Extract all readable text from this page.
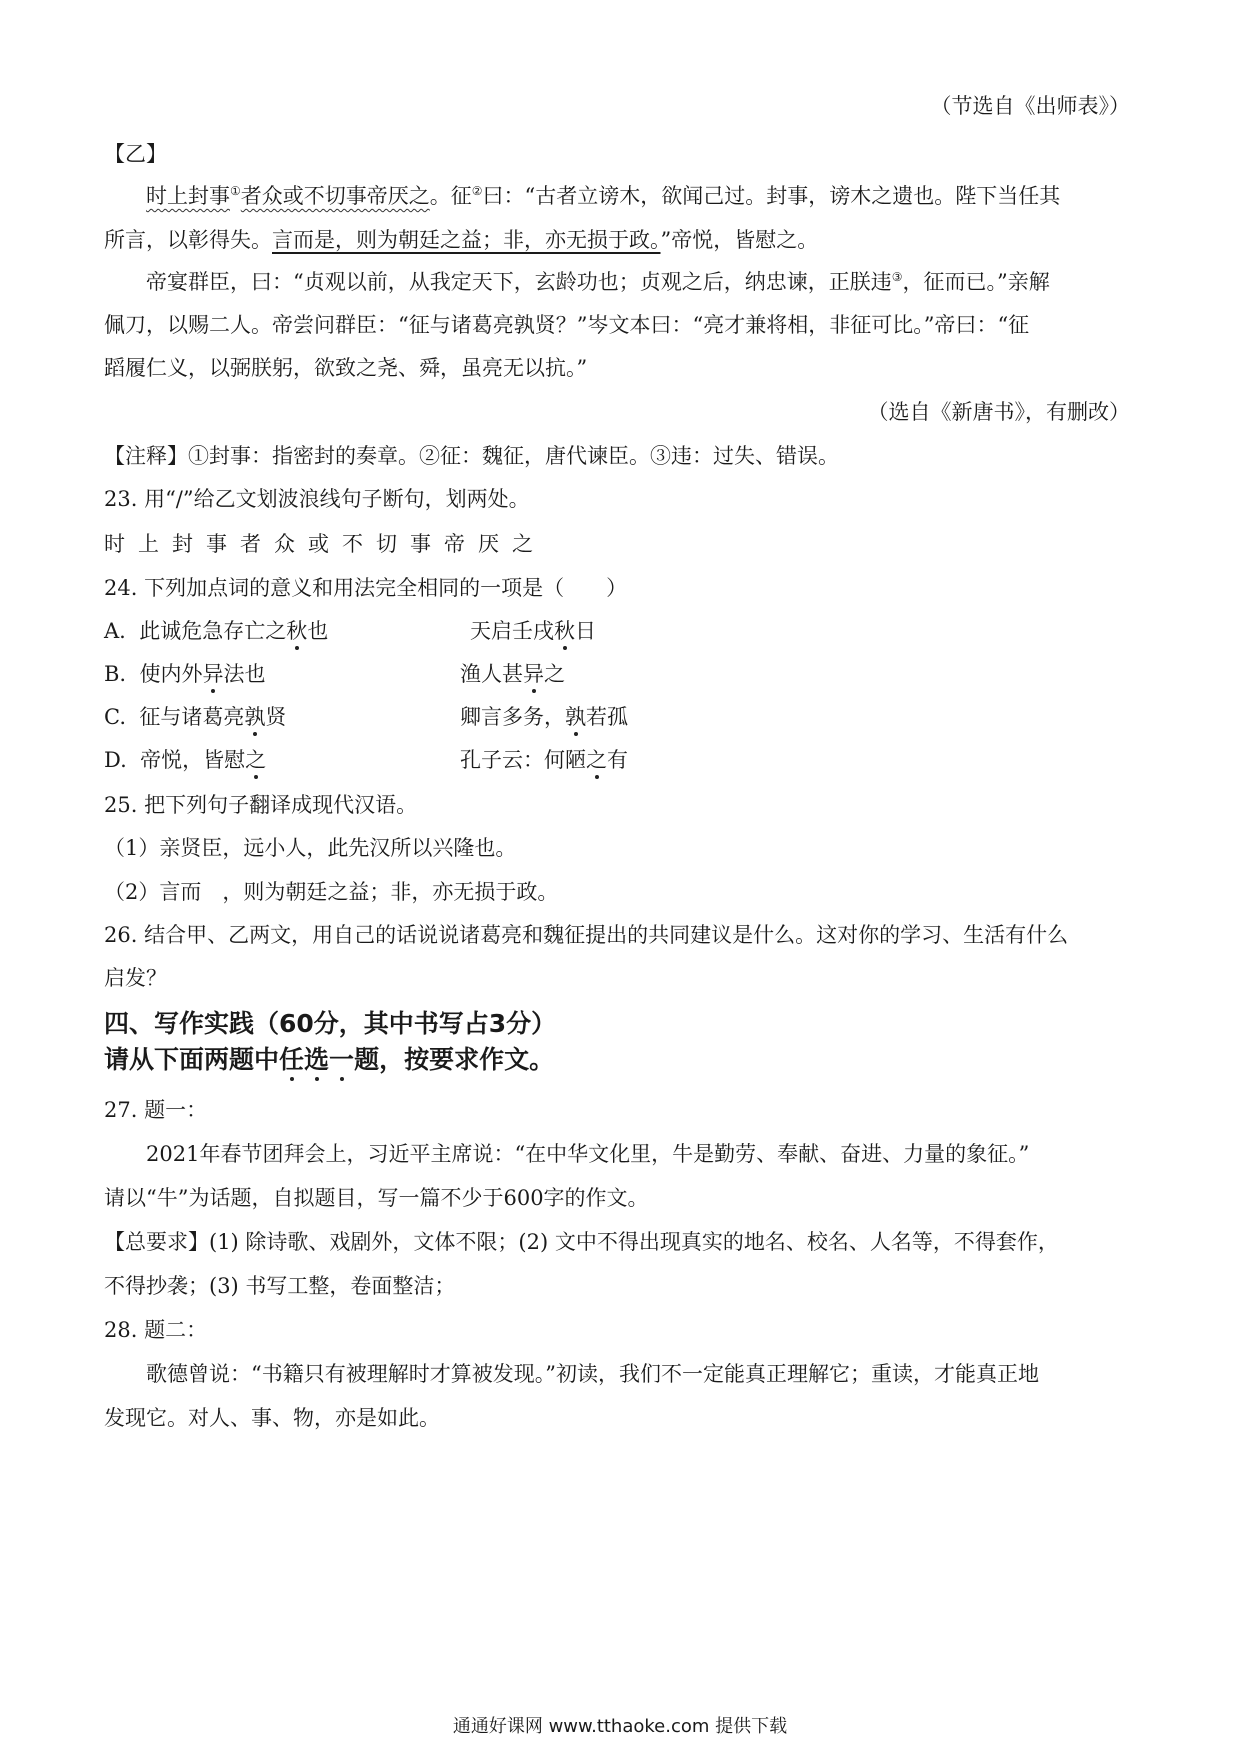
（节选自《出师表》）
【乙】
时上封事①者众或不切事帝厌之。征②曰：“古者立谤木，欲闻己过。封事，谤木之遗也。陛下当任其
所言，以彰得失。言而是，则为朝廷之益；非，亦无损于政。”帝悦，皆慰之。
帝宴群臣，曰：“贞观以前，从我定天下，玄龄功也；贞观之后，纳忠谏，正朕违③，征而已。”亲解
佩刀，以赐二人。帝尝问群臣：“征与诸葛亮孰贤？”岑文本曰：“亮才兼将相，非征可比。”帝曰：“征
蹈履仁义，以弼朕躬，欲致之尧、舜，虽亮无以抗。”
（选自《新唐书》，有删改）
【注释】①封事：指密封的奏章。②征：魏征，唐代谏臣。③违：过失、错误。
23. 用“/”给乙文划波浪线句子断句，划两处。
时上封事者众或不切事帝厌之
24. 下列加点词的意义和用法完全相同的一项是（　　）
A. 此诚危急存亡之秋也	天启壬戌秋日
B. 使内外异法也	渔人甚异之
C. 征与诸葛亮孰贤	卿言多务，孰若孤
D. 帝悦，皆慰之	孔子云：何陋之有
25. 把下列句子翻译成现代汉语。
（1）亲贤臣，远小人，此先汉所以兴隆也。
（2）言而　，则为朝廷之益；非，亦无损于政。
26. 结合甲、乙两文，用自己的话说说诸葛亮和魏征提出的共同建议是什么。这对你的学习、生活有什么
启发？
四、写作实践（60分，其中书写占3分）
请从下面两题中任选一题，按要求作文。
27. 题一：
2021年春节团拜会上，习近平主席说：“在中华文化里，牛是勤劳、奉献、奋进、力量的象征。”
请以“牛”为话题，自拟题目，写一篇不少于600字的作文。
【总要求】(1) 除诗歌、戏剧外，文体不限；(2) 文中不得出现真实的地名、校名、人名等，不得套作，
不得抄袭；(3) 书写工整，卷面整洁；
28. 题二：
歌德曾说：“书籍只有被理解时才算被发现。”初读，我们不一定能真正理解它；重读，才能真正地
发现它。对人、事、物，亦是如此。
通通好课网 www.tthaoke.com 提供下载
